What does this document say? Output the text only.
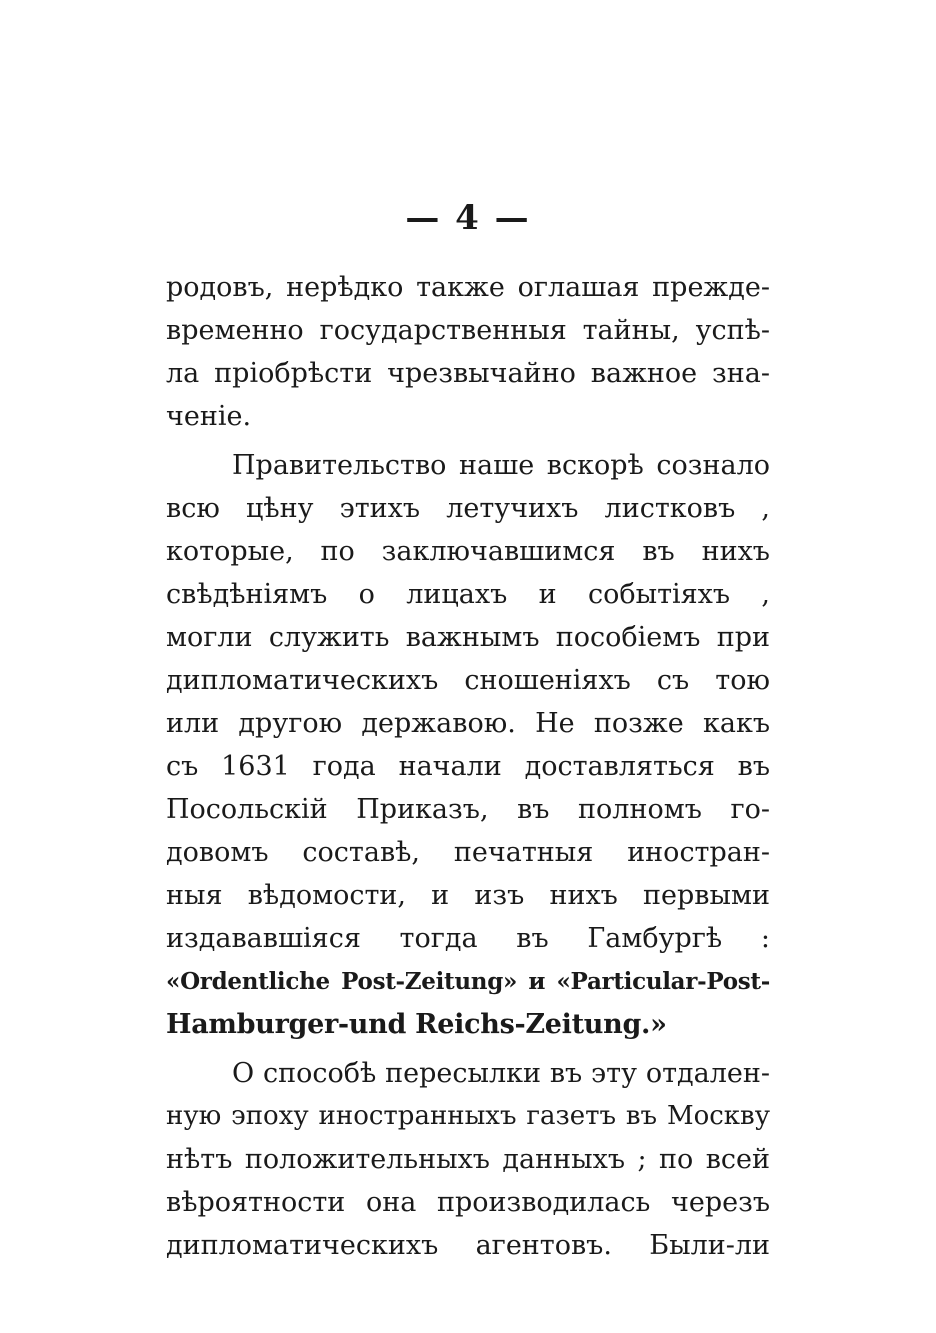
— 4 —
родовъ, нерѣдко также оглашая преждe-
временно государственныя тайны, успѣ-
ла пріобрѣсти чрезвычайно важное зна-
ченіе.
Правительство наше вскорѣ сознало
всю цѣну этихъ летучихъ листковъ ,
которые, по заключавшимся въ нихъ
свѣдѣніямъ о лицахъ и событіяхъ ,
могли служить важнымъ пособіемъ при
дипломатическихъ сношеніяхъ съ тою
или другою державою. Не позже какъ
съ 1631 года начали доставляться въ
Посольскій Приказъ, въ полномъ го-
довомъ составѣ, печатныя иностран-
ныя вѣдомости, и изъ нихъ первыми
издававшіяся тогда въ Гамбургѣ :
«Ordentliche Post-Zeitung» и «Particular-Post-
Hamburger-und Reichs-Zeitung.»
О способѣ пересылки въ эту отдален-
ную эпоху иностранныхъ газетъ въ Москву
нѣтъ положительныхъ данныхъ ; по всей
вѣроятности она производилась черезъ
дипломатическихъ агентовъ. Были-ли
